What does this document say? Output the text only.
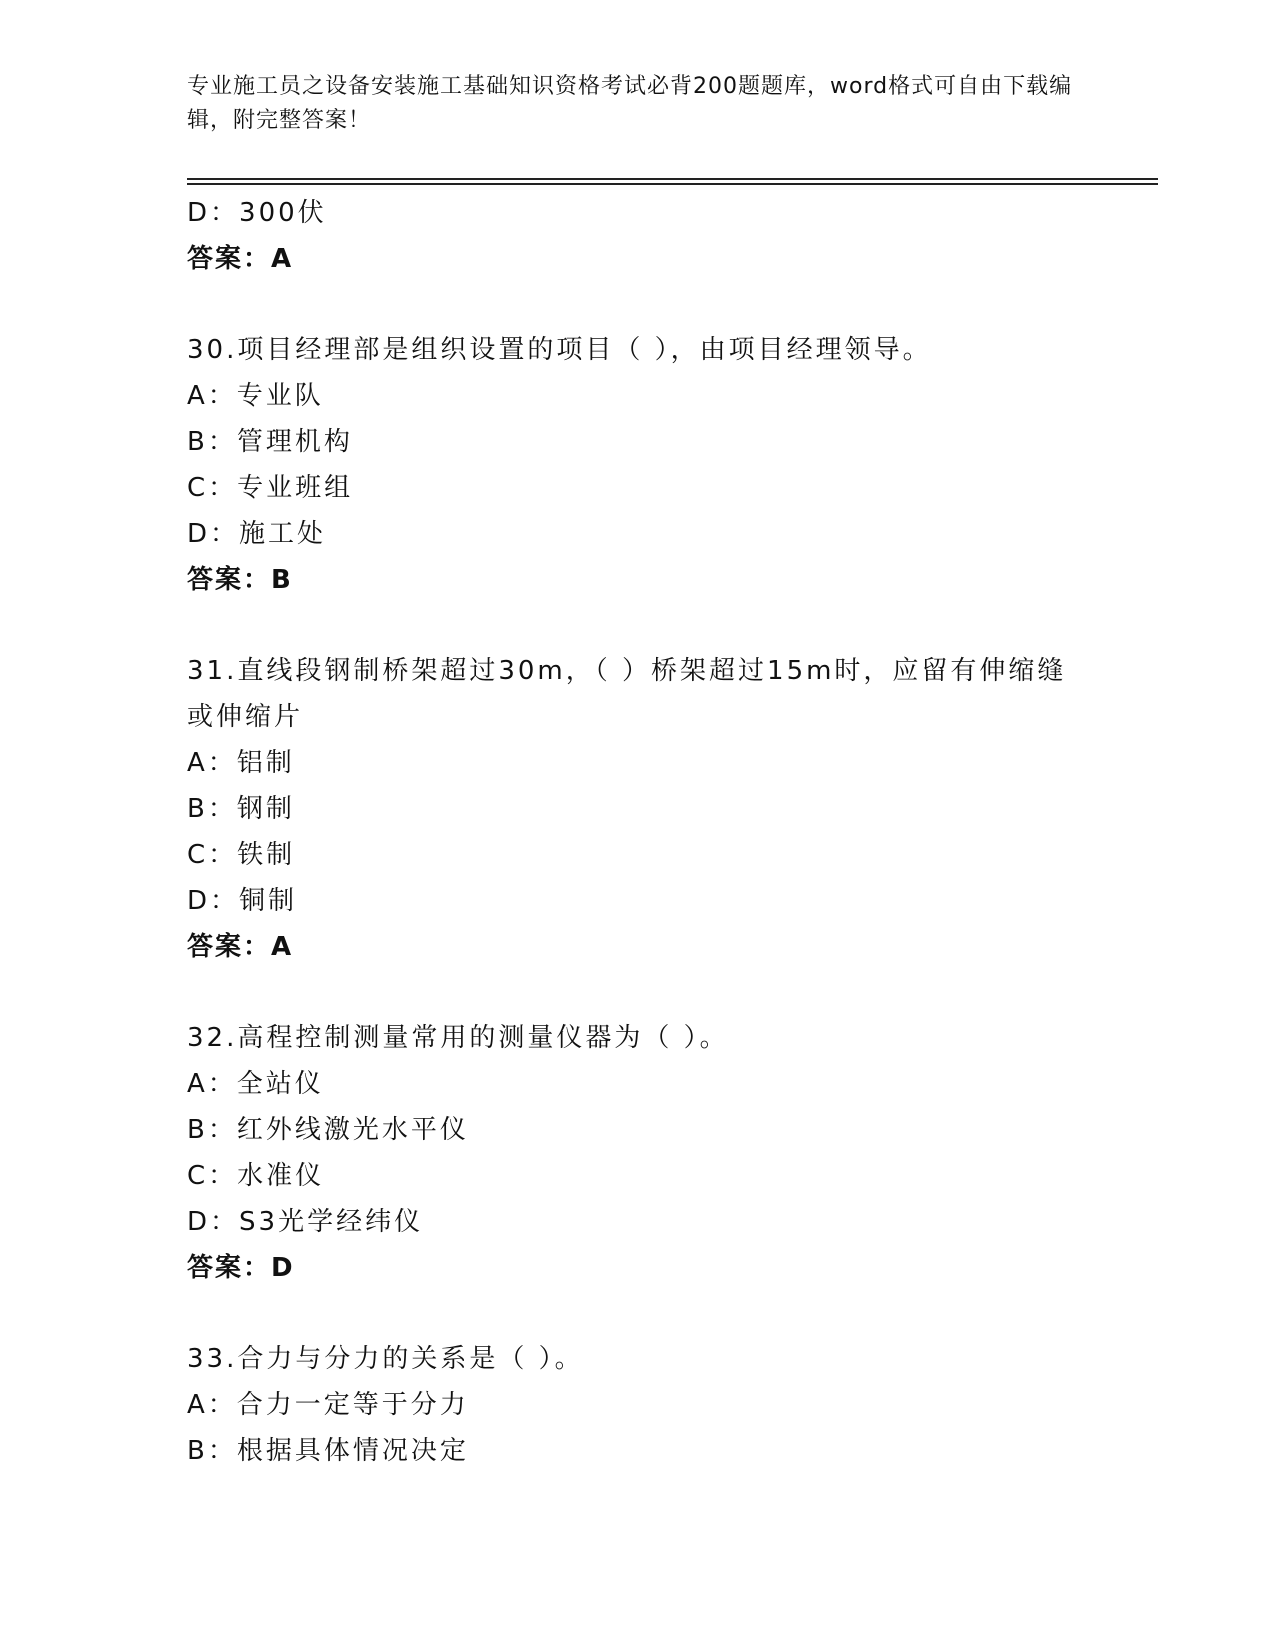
专业施工员之设备安装施工基础知识资格考试必背200题题库，word格式可自由下载编辑，附完整答案！
D：300伏
答案：A
30.项目经理部是组织设置的项目（ ），由项目经理领导。
A：专业队
B：管理机构
C：专业班组
D：施工处
答案：B
31.直线段钢制桥架超过30m，（ ）桥架超过15m时，应留有伸缩缝或伸缩片
A：铝制
B：钢制
C：铁制
D：铜制
答案：A
32.高程控制测量常用的测量仪器为（ ）。
A：全站仪
B：红外线激光水平仪
C：水准仪
D：S3光学经纬仪
答案：D
33.合力与分力的关系是（ ）。
A：合力一定等于分力
B：根据具体情况决定
